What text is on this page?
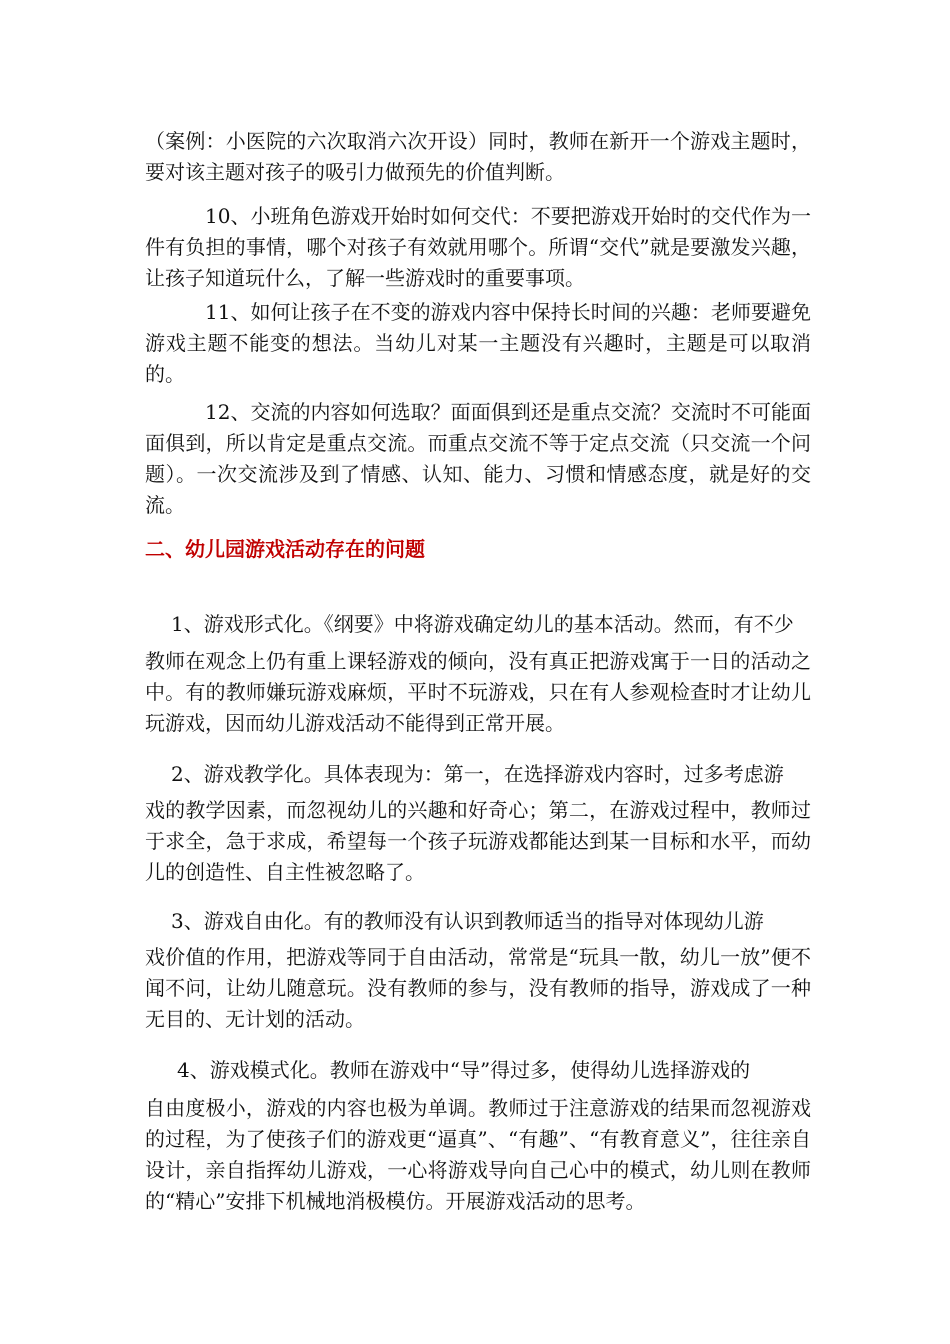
（案例：小医院的六次取消六次开设）同时，教师在新开一个游戏主题时，要对该主题对孩子的吸引力做预先的价值判断。

10、小班角色游戏开始时如何交代：不要把游戏开始时的交代作为一件有负担的事情，哪个对孩子有效就用哪个。所谓“交代”就是要激发兴趣，让孩子知道玩什么，了解一些游戏时的重要事项。

11、如何让孩子在不变的游戏内容中保持长时间的兴趣：老师要避免游戏主题不能变的想法。当幼儿对某一主题没有兴趣时，主题是可以取消的。

12、交流的内容如何选取？面面俱到还是重点交流？交流时不可能面面俱到，所以肯定是重点交流。而重点交流不等于定点交流（只交流一个问题）。一次交流涉及到了情感、认知、能力、习惯和情感态度，就是好的交流。

二、幼儿园游戏活动存在的问题

1、游戏形式化。《纲要》中将游戏确定幼儿的基本活动。然而，有不少

教师在观念上仍有重上课轻游戏的倾向，没有真正把游戏寓于一日的活动之中。有的教师嫌玩游戏麻烦，平时不玩游戏，只在有人参观检查时才让幼儿玩游戏，因而幼儿游戏活动不能得到正常开展。

2、游戏教学化。具体表现为：第一，在选择游戏内容时，过多考虑游

戏的教学因素，而忽视幼儿的兴趣和好奇心；第二，在游戏过程中，教师过于求全，急于求成，希望每一个孩子玩游戏都能达到某一目标和水平，而幼儿的创造性、自主性被忽略了。

3、游戏自由化。有的教师没有认识到教师适当的指导对体现幼儿游

戏价值的作用，把游戏等同于自由活动，常常是“玩具一散，幼儿一放”便不闻不问，让幼儿随意玩。没有教师的参与，没有教师的指导，游戏成了一种无目的、无计划的活动。

4、游戏模式化。教师在游戏中“导”得过多，使得幼儿选择游戏的

自由度极小，游戏的内容也极为单调。教师过于注意游戏的结果而忽视游戏的过程，为了使孩子们的游戏更“逼真”、“有趣”、“有教育意义”，往往亲自设计，亲自指挥幼儿游戏，一心将游戏导向自己心中的模式，幼儿则在教师的“精心”安排下机械地消极模仿。开展游戏活动的思考。
